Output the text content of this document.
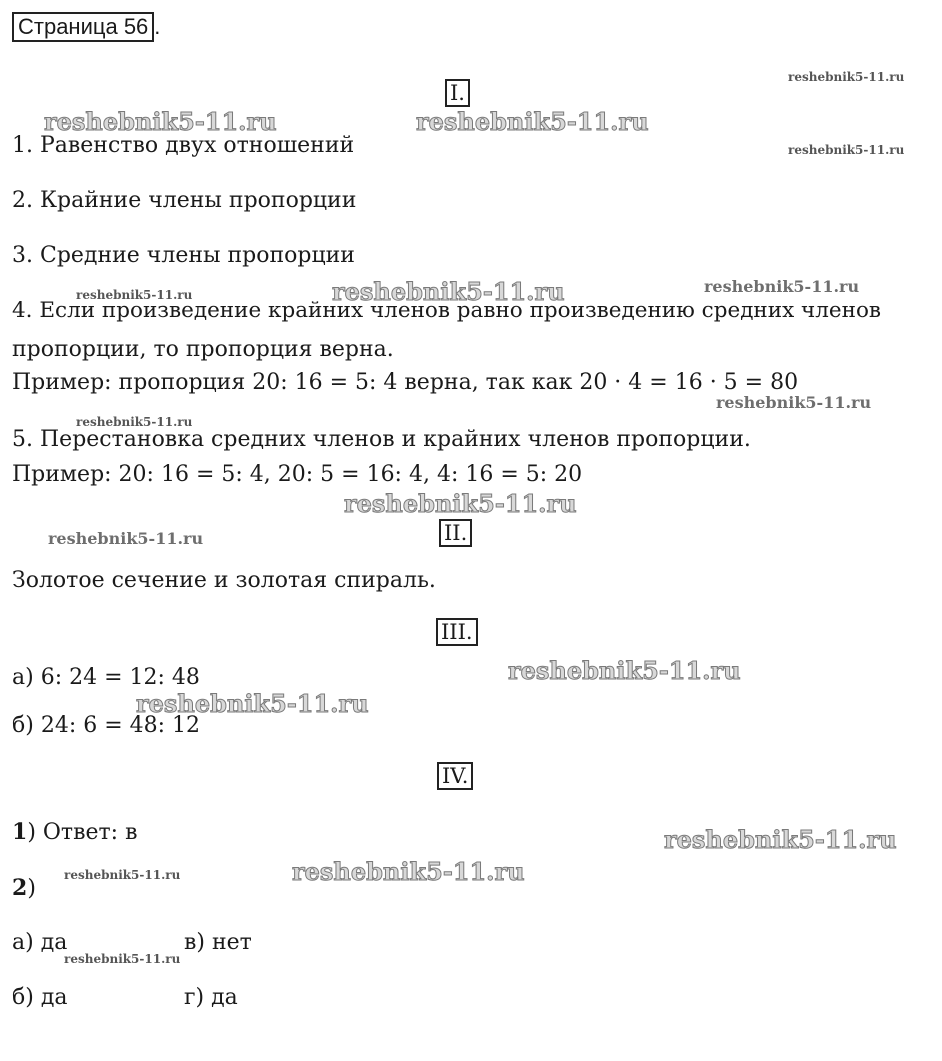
Страница 56 .
I.
1. Равенство двух отношений
2. Крайние члены пропорции
3. Средние члены пропорции
4. Если произведение крайних членов равно произведению средних членов
пропорции, то пропорция верна.
Пример: пропорция 20: 16 = 5: 4 верна, так как 20 · 4 = 16 · 5 = 80
5. Перестановка средних членов и крайних членов пропорции.
Пример: 20: 16 = 5: 4, 20: 5 = 16: 4, 4: 16 = 5: 20
II.
Золотое сечение и золотая спираль.
III.
а) 6: 24 = 12: 48
б) 24: 6 = 48: 12
IV.
1) Ответ: в
2)
а) да	в) нет
б) да	г) да
reshebnik5-11.ru	reshebnik5-11.ru
reshebnik5-11.ru
reshebnik5-11.ru
reshebnik5-11.ru	reshebnik5-11.ru
reshebnik5-11.ru
reshebnik5-11.ru
reshebnik5-11.ru
reshebnik5-11.ru
reshebnik5-11.ru
reshebnik5-11.ru
reshebnik5-11.ru
reshebnik5-11.ru
reshebnik5-11.ru
reshebnik5-11.ru
reshebnik5-11.ru
